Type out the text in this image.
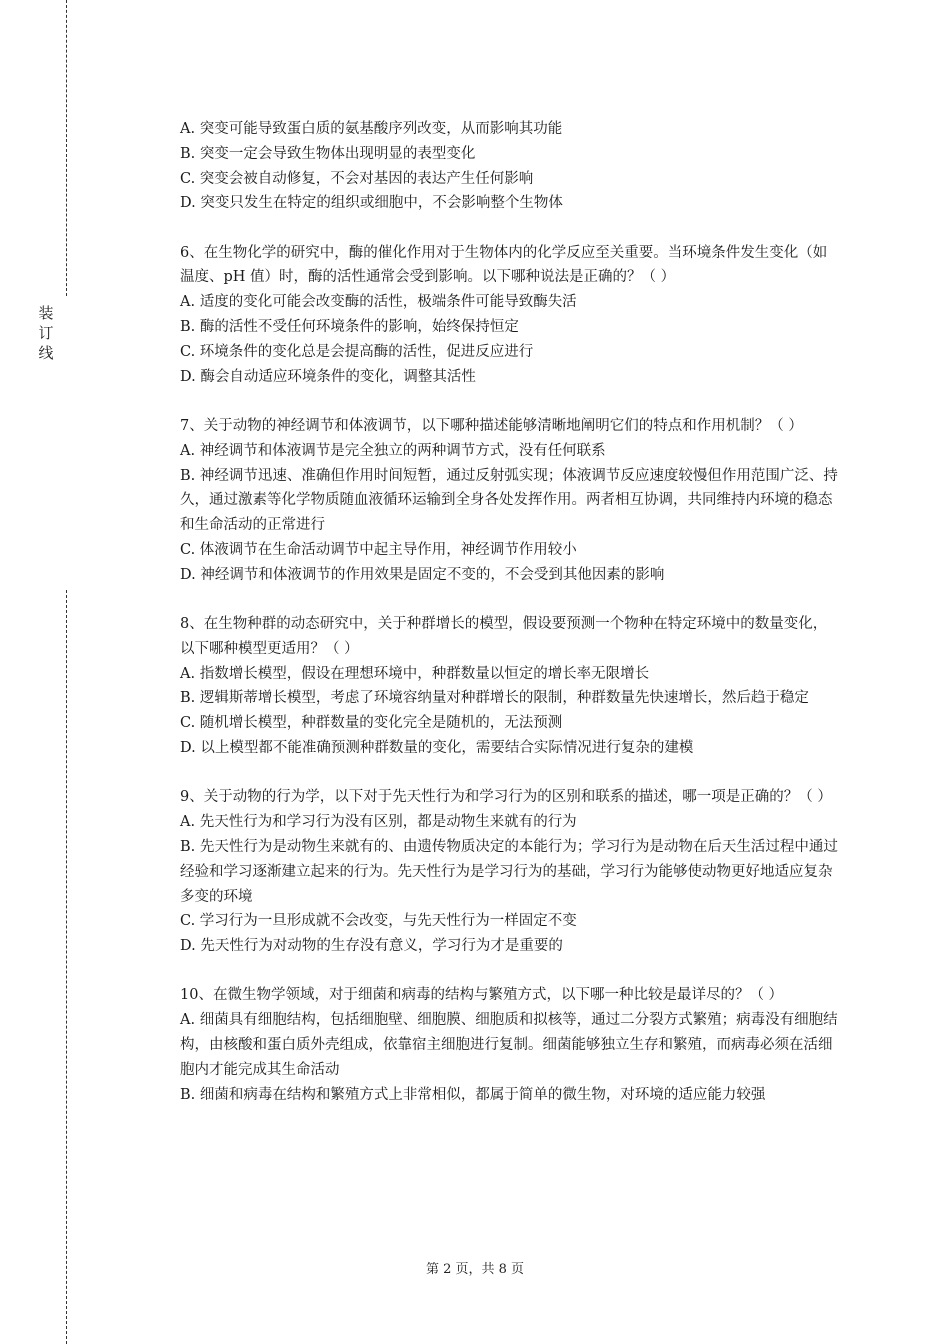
装
订
线

A. 突变可能导致蛋白质的氨基酸序列改变，从而影响其功能

B. 突变一定会导致生物体出现明显的表型变化

C. 突变会被自动修复，不会对基因的表达产生任何影响

D. 突变只发生在特定的组织或细胞中，不会影响整个生物体

6、在生物化学的研究中，酶的催化作用对于生物体内的化学反应至关重要。当环境条件发生变化（如温度、pH 值）时，酶的活性通常会受到影响。以下哪种说法是正确的？（ ）

A. 适度的变化可能会改变酶的活性，极端条件可能导致酶失活

B. 酶的活性不受任何环境条件的影响，始终保持恒定

C. 环境条件的变化总是会提高酶的活性，促进反应进行

D. 酶会自动适应环境条件的变化，调整其活性

7、关于动物的神经调节和体液调节，以下哪种描述能够清晰地阐明它们的特点和作用机制？（ ）

A. 神经调节和体液调节是完全独立的两种调节方式，没有任何联系

B. 神经调节迅速、准确但作用时间短暂，通过反射弧实现；体液调节反应速度较慢但作用范围广泛、持久，通过激素等化学物质随血液循环运输到全身各处发挥作用。两者相互协调，共同维持内环境的稳态和生命活动的正常进行

C. 体液调节在生命活动调节中起主导作用，神经调节作用较小

D. 神经调节和体液调节的作用效果是固定不变的，不会受到其他因素的影响

8、在生物种群的动态研究中，关于种群增长的模型，假设要预测一个物种在特定环境中的数量变化，以下哪种模型更适用？（ ）

A. 指数增长模型，假设在理想环境中，种群数量以恒定的增长率无限增长

B. 逻辑斯蒂增长模型，考虑了环境容纳量对种群增长的限制，种群数量先快速增长，然后趋于稳定

C. 随机增长模型，种群数量的变化完全是随机的，无法预测

D. 以上模型都不能准确预测种群数量的变化，需要结合实际情况进行复杂的建模

9、关于动物的行为学，以下对于先天性行为和学习行为的区别和联系的描述，哪一项是正确的？（ ）

A. 先天性行为和学习行为没有区别，都是动物生来就有的行为

B. 先天性行为是动物生来就有的、由遗传物质决定的本能行为；学习行为是动物在后天生活过程中通过经验和学习逐渐建立起来的行为。先天性行为是学习行为的基础，学习行为能够使动物更好地适应复杂多变的环境

C. 学习行为一旦形成就不会改变，与先天性行为一样固定不变

D. 先天性行为对动物的生存没有意义，学习行为才是重要的

10、在微生物学领域，对于细菌和病毒的结构与繁殖方式，以下哪一种比较是最详尽的？（ ）

A. 细菌具有细胞结构，包括细胞壁、细胞膜、细胞质和拟核等，通过二分裂方式繁殖；病毒没有细胞结构，由核酸和蛋白质外壳组成，依靠宿主细胞进行复制。细菌能够独立生存和繁殖，而病毒必须在活细胞内才能完成其生命活动

B. 细菌和病毒在结构和繁殖方式上非常相似，都属于简单的微生物，对环境的适应能力较强

第 2 页，共 8 页
